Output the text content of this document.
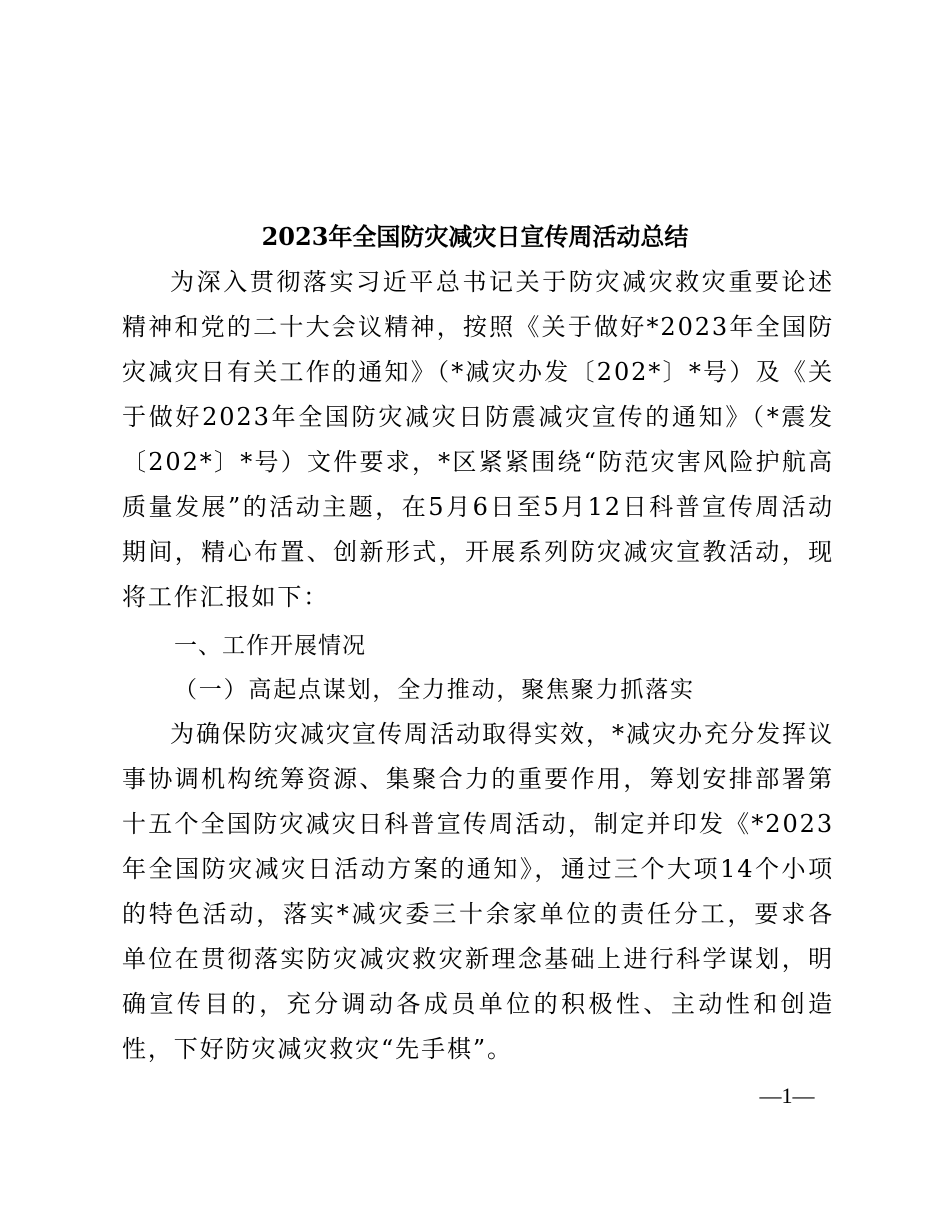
2023年全国防灾减灾日宣传周活动总结

为深入贯彻落实习近平总书记关于防灾减灾救灾重要论述精神和党的二十大会议精神，按照《关于做好*2023年全国防灾减灾日有关工作的通知》（*减灾办发〔202*〕*号）及《关于做好2023年全国防灾减灾日防震减灾宣传的通知》（*震发〔202*〕*号）文件要求，*区紧紧围绕“防范灾害风险护航高质量发展”的活动主题，在5月6日至5月12日科普宣传周活动期间，精心布置、创新形式，开展系列防灾减灾宣教活动，现将工作汇报如下：

一、工作开展情况

（一）高起点谋划，全力推动，聚焦聚力抓落实

为确保防灾减灾宣传周活动取得实效，*减灾办充分发挥议事协调机构统筹资源、集聚合力的重要作用，筹划安排部署第十五个全国防灾减灾日科普宣传周活动，制定并印发《*2023年全国防灾减灾日活动方案的通知》，通过三个大项14个小项的特色活动，落实*减灾委三十余家单位的责任分工，要求各单位在贯彻落实防灾减灾救灾新理念基础上进行科学谋划，明确宣传目的，充分调动各成员单位的积极性、主动性和创造性，下好防灾减灾救灾“先手棋”。

—1—
